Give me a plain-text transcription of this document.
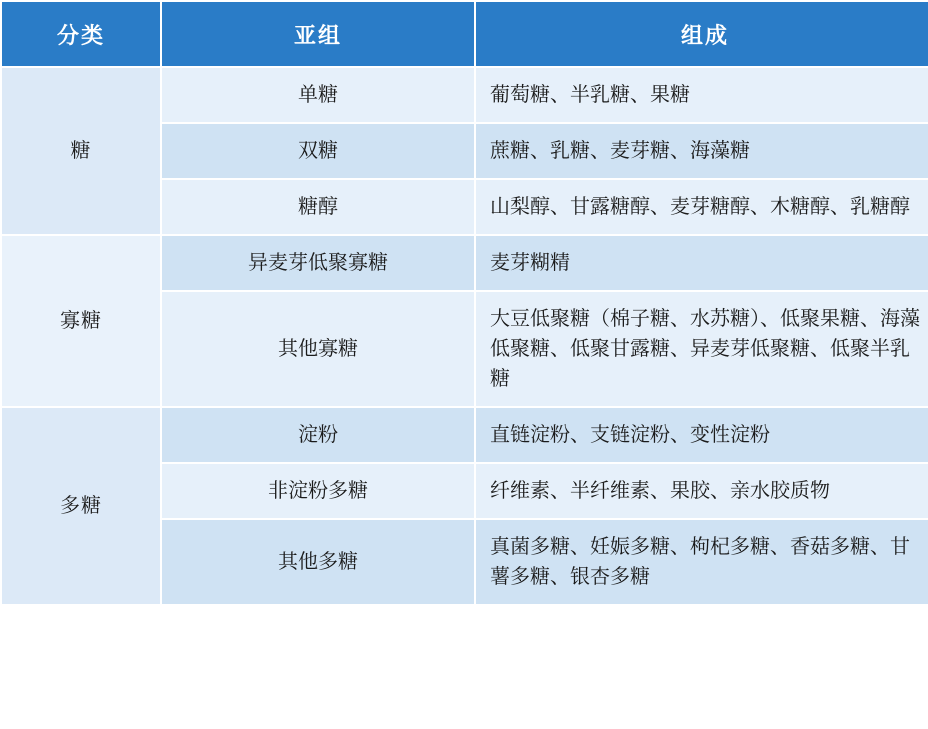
分类	亚组	组成
糖	单糖	葡萄糖、半乳糖、果糖
	双糖	蔗糖、乳糖、麦芽糖、海藻糖
	糖醇	山梨醇、甘露糖醇、麦芽糖醇、木糖醇、乳糖醇
寡糖	异麦芽低聚寡糖	麦芽糊精
	其他寡糖	大豆低聚糖（棉子糖、水苏糖）、低聚果糖、海藻低聚糖、低聚甘露糖、异麦芽低聚糖、低聚半乳糖
多糖	淀粉	直链淀粉、支链淀粉、变性淀粉
	非淀粉多糖	纤维素、半纤维素、果胶、亲水胶质物
	其他多糖	真菌多糖、妊娠多糖、枸杞多糖、香菇多糖、甘薯多糖、银杏多糖
